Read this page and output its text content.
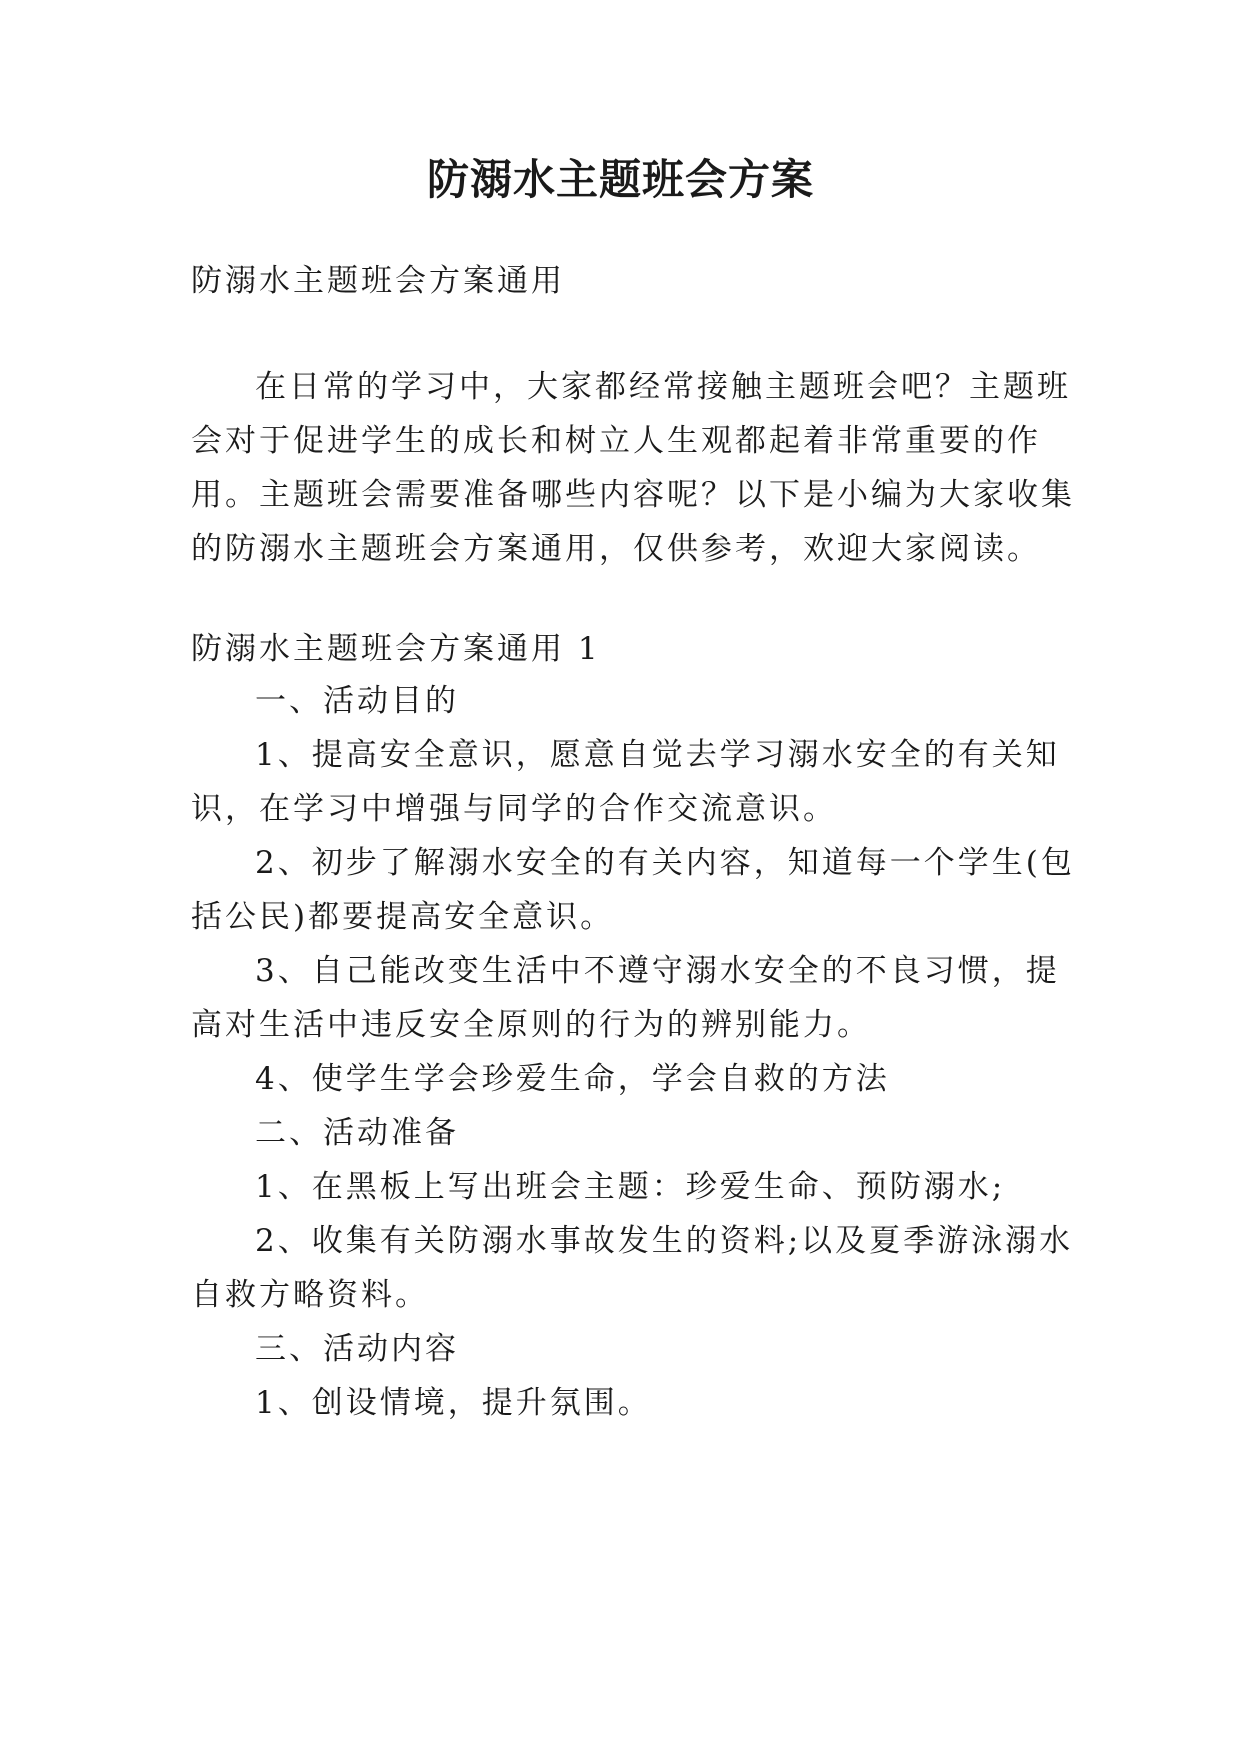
防溺水主题班会方案
防溺水主题班会方案通用
在日常的学习中，大家都经常接触主题班会吧？主题班
会对于促进学生的成长和树立人生观都起着非常重要的作
用。主题班会需要准备哪些内容呢？以下是小编为大家收集
的防溺水主题班会方案通用，仅供参考，欢迎大家阅读。
防溺水主题班会方案通用 1
一、活动目的
1、提高安全意识，愿意自觉去学习溺水安全的有关知
识，在学习中增强与同学的合作交流意识。
2、初步了解溺水安全的有关内容，知道每一个学生(包
括公民)都要提高安全意识。
3、自己能改变生活中不遵守溺水安全的不良习惯，提
高对生活中违反安全原则的行为的辨别能力。
4、使学生学会珍爱生命，学会自救的方法
二、活动准备
1、在黑板上写出班会主题：珍爱生命、预防溺水;
2、收集有关防溺水事故发生的资料;以及夏季游泳溺水
自救方略资料。
三、活动内容
1、创设情境，提升氛围。
